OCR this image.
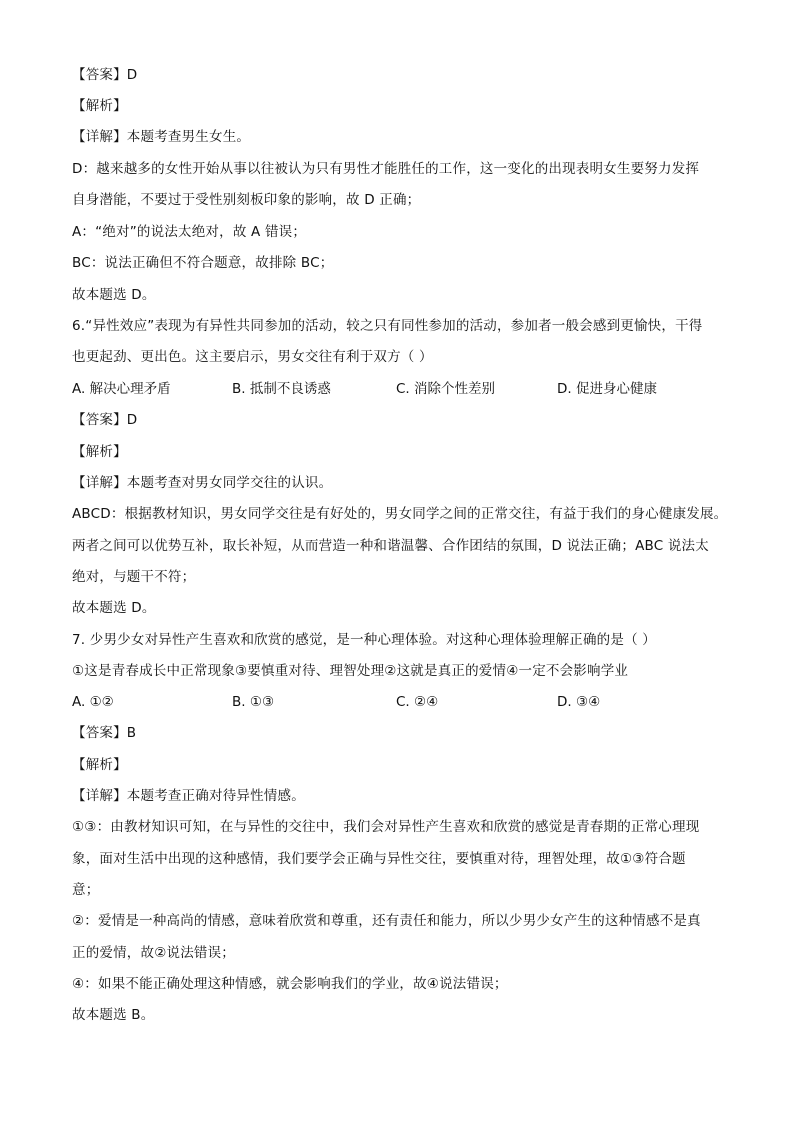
【答案】D
【解析】
【详解】本题考查男生女生。
D：越来越多的女性开始从事以往被认为只有男性才能胜任的工作，这一变化的出现表明女生要努力发挥
自身潜能，不要过于受性别刻板印象的影响，故 D 正确；
A：“绝对”的说法太绝对，故 A 错误；
BC：说法正确但不符合题意，故排除 BC；
故本题选 D。
6.“异性效应”表现为有异性共同参加的活动，较之只有同性参加的活动，参加者一般会感到更愉快，干得
也更起劲、更出色。这主要启示，男女交往有利于双方（ ）
A. 解决心理矛盾	B. 抵制不良诱惑	C. 消除个性差别	D. 促进身心健康
【答案】D
【解析】
【详解】本题考查对男女同学交往的认识。
ABCD：根据教材知识，男女同学交往是有好处的，男女同学之间的正常交往，有益于我们的身心健康发展。
两者之间可以优势互补，取长补短，从而营造一种和谐温馨、合作团结的氛围，D 说法正确；ABC 说法太
绝对，与题干不符；
故本题选 D。
7. 少男少女对异性产生喜欢和欣赏的感觉，是一种心理体验。对这种心理体验理解正确的是（ ）
①这是青春成长中正常现象③要慎重对待、理智处理②这就是真正的爱情④一定不会影响学业
A. ①②	B. ①③	C. ②④	D. ③④
【答案】B
【解析】
【详解】本题考查正确对待异性情感。
①③：由教材知识可知，在与异性的交往中，我们会对异性产生喜欢和欣赏的感觉是青春期的正常心理现
象，面对生活中出现的这种感情，我们要学会正确与异性交往，要慎重对待，理智处理，故①③符合题
意；
②：爱情是一种高尚的情感，意味着欣赏和尊重，还有责任和能力，所以少男少女产生的这种情感不是真
正的爱情，故②说法错误；
④：如果不能正确处理这种情感，就会影响我们的学业，故④说法错误；
故本题选 B。
